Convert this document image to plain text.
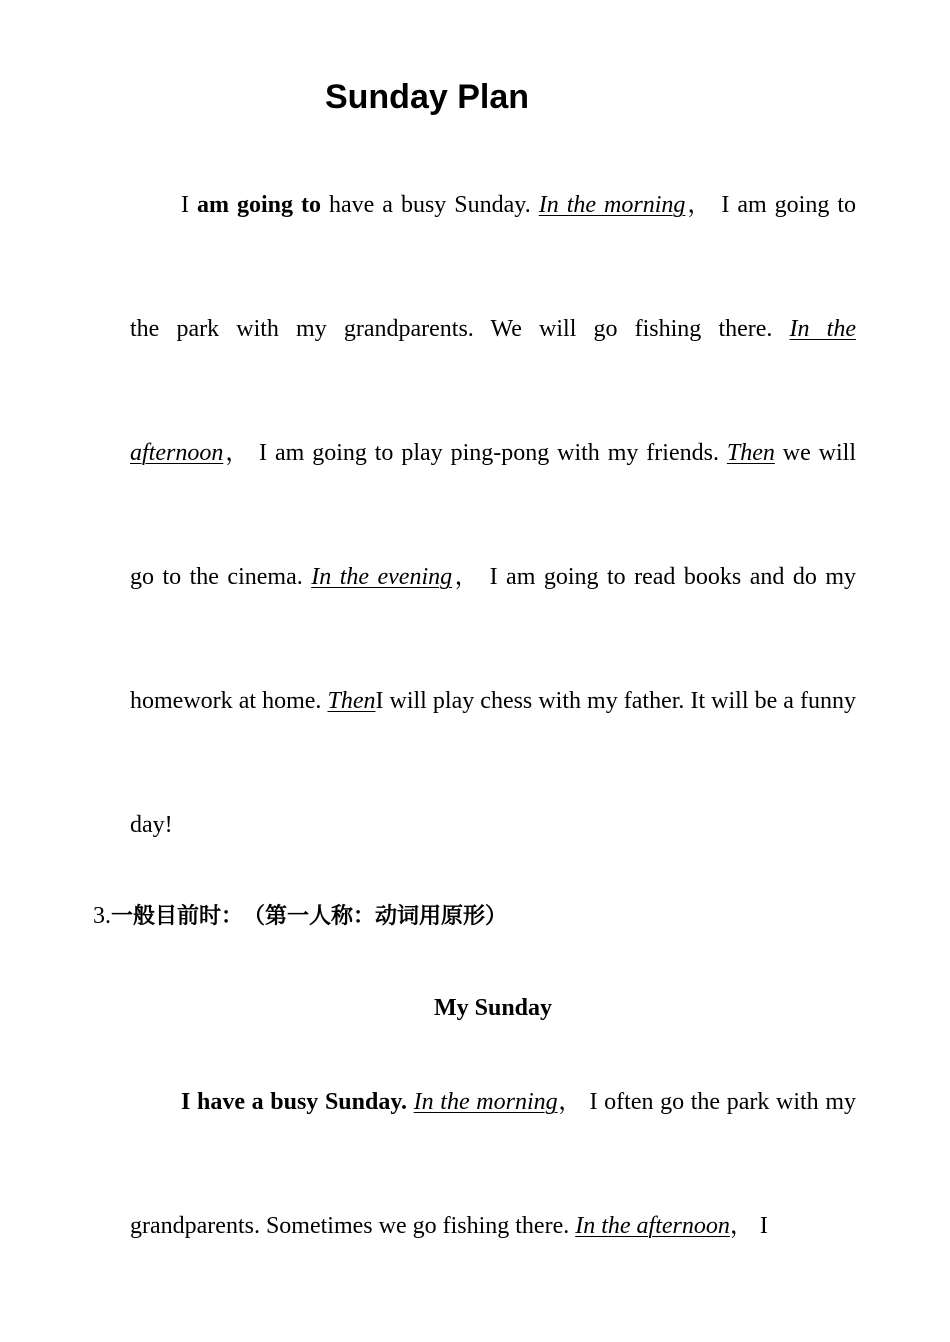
Sunday Plan

I am going to have a busy Sunday. In the morning， I am going to the park with my grandparents. We will go fishing there. In the afternoon， I am going to play ping-pong with my friends. Then we will go to the cinema. In the evening， I am going to read books and do my homework at home. ThenI will play chess with my father. It will be a funny day!

3.一般目前时：　（第一人称：动词用原形）

My Sunday

I have a busy Sunday. In the morning， I often go the park with my grandparents. Sometimes we go fishing there. In the afternoon， I
